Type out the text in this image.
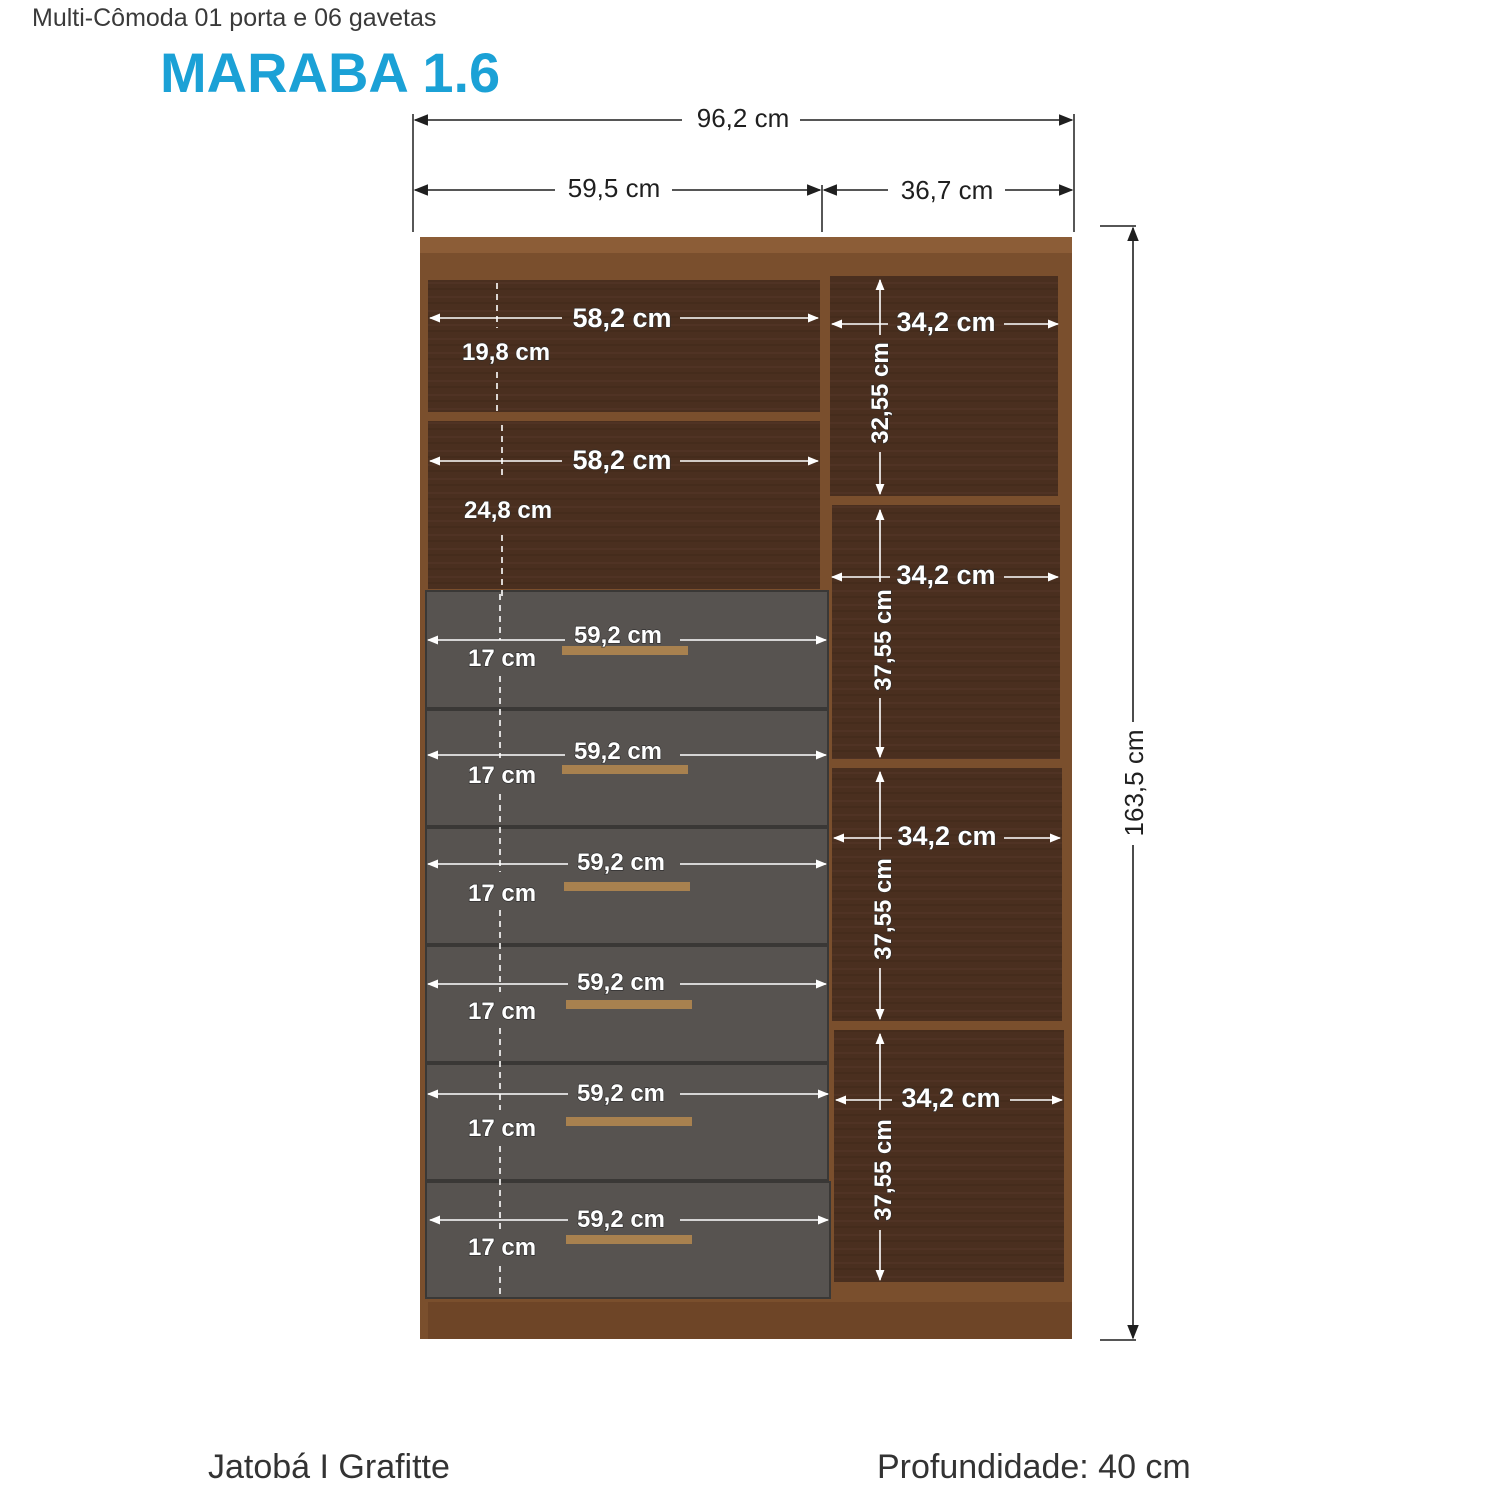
Multi-Cômoda 01 porta e 06 gavetas
MARABA 1.6
96,2 cm
59,5 cm	36,7 cm
163,5 cm
58,2 cm
19,8 cm
58,2 cm
24,8 cm
59,2 cm
17 cm
59,2 cm
17 cm
59,2 cm
17 cm
59,2 cm
17 cm
59,2 cm
17 cm
59,2 cm
17 cm
34,2 cm
32,55 cm
34,2 cm
37,55 cm
34,2 cm
37,55 cm
34,2 cm
37,55 cm
Jatobá I Grafitte	Profundidade: 40 cm
